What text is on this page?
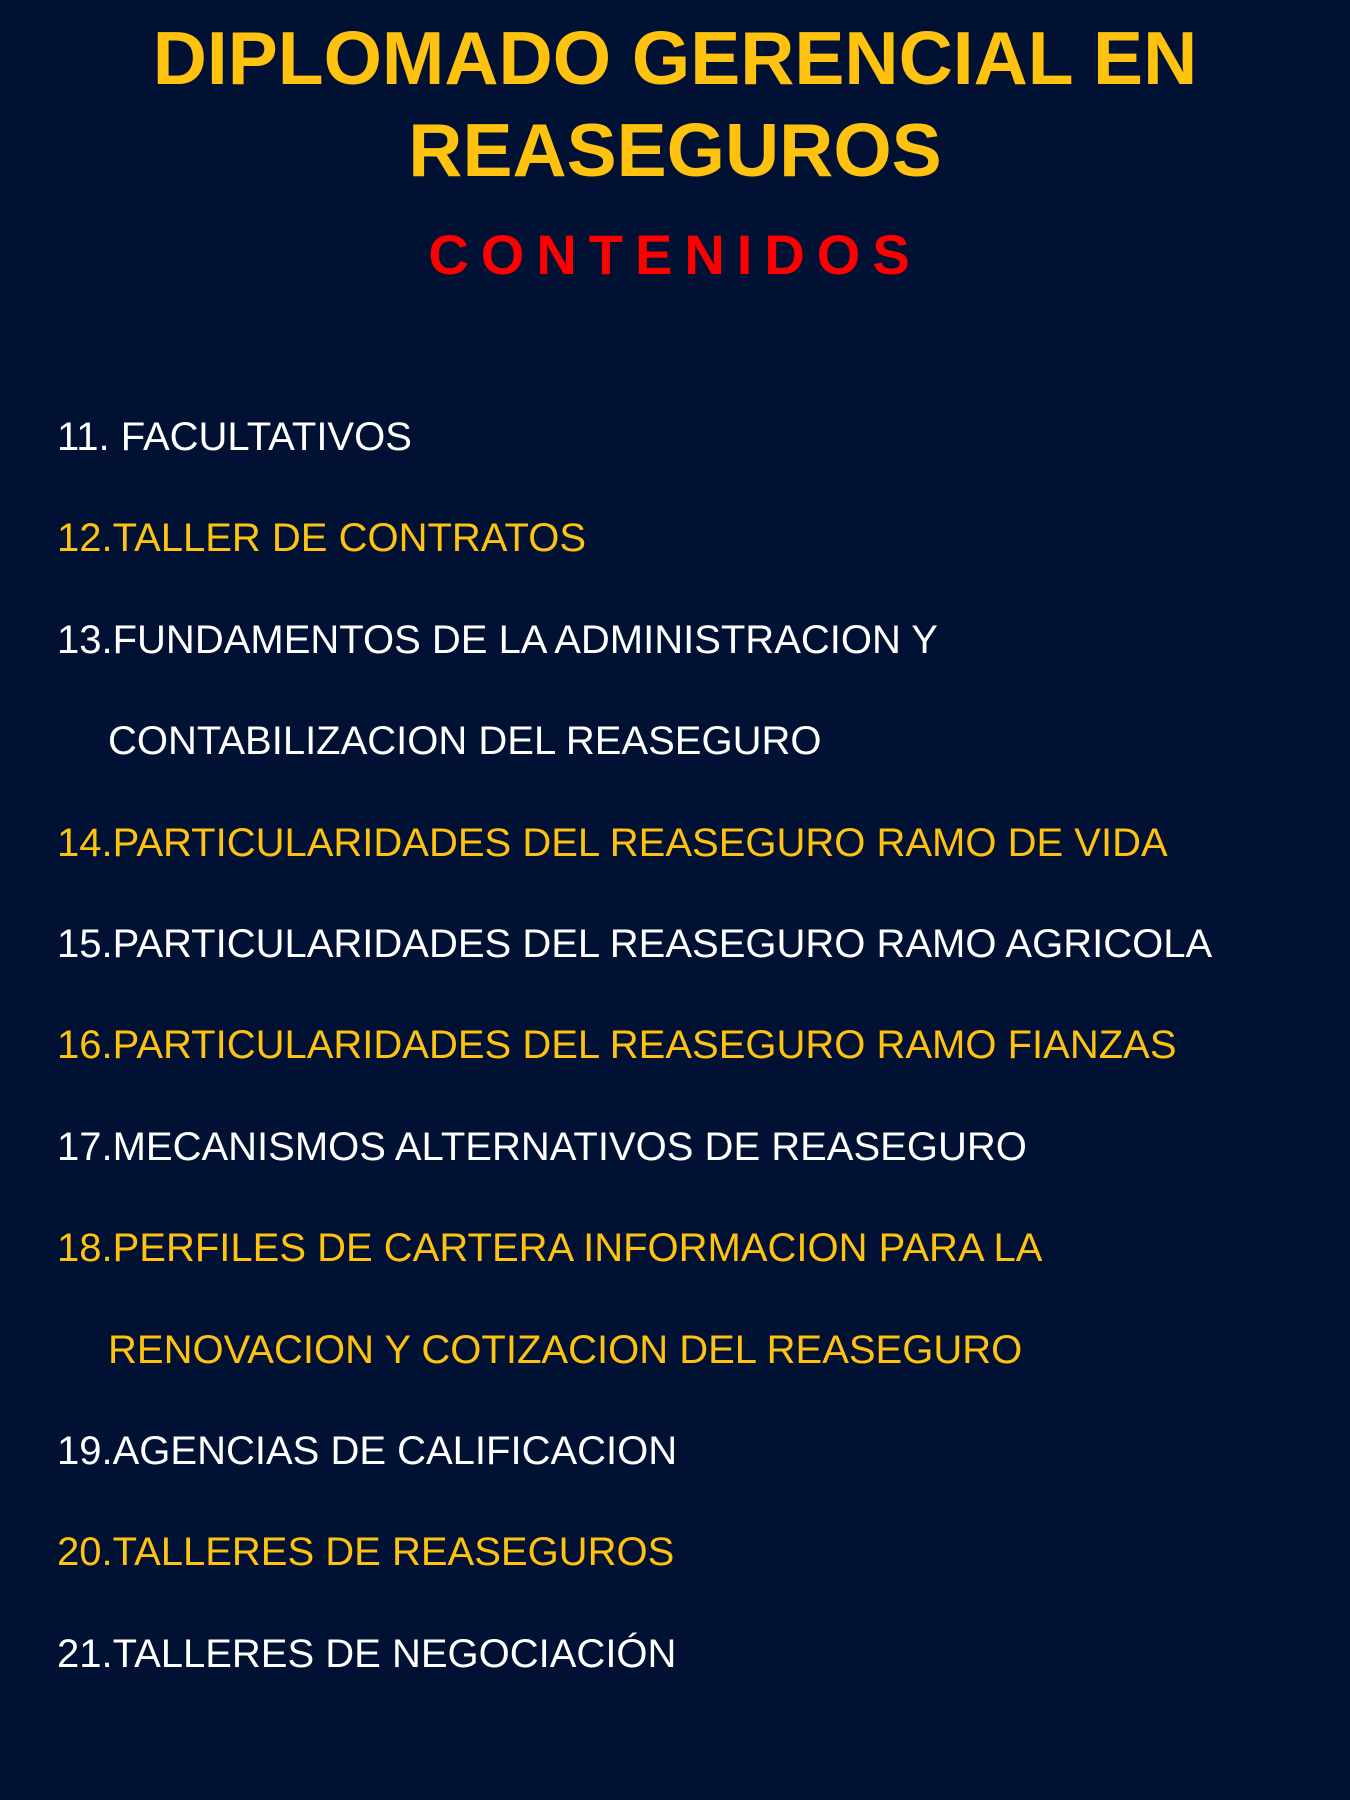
DIPLOMADO GERENCIAL EN
REASEGUROS
CONTENIDOS
11. FACULTATIVOS
12.TALLER DE CONTRATOS
13.FUNDAMENTOS DE LA ADMINISTRACION Y
CONTABILIZACION DEL REASEGURO
14.PARTICULARIDADES DEL REASEGURO RAMO DE VIDA
15.PARTICULARIDADES DEL REASEGURO RAMO AGRICOLA
16.PARTICULARIDADES DEL REASEGURO RAMO FIANZAS
17.MECANISMOS ALTERNATIVOS DE REASEGURO
18.PERFILES DE CARTERA INFORMACION PARA LA
RENOVACION Y COTIZACION DEL REASEGURO
19.AGENCIAS DE CALIFICACION
20.TALLERES DE REASEGUROS
21.TALLERES DE NEGOCIACIÓN
